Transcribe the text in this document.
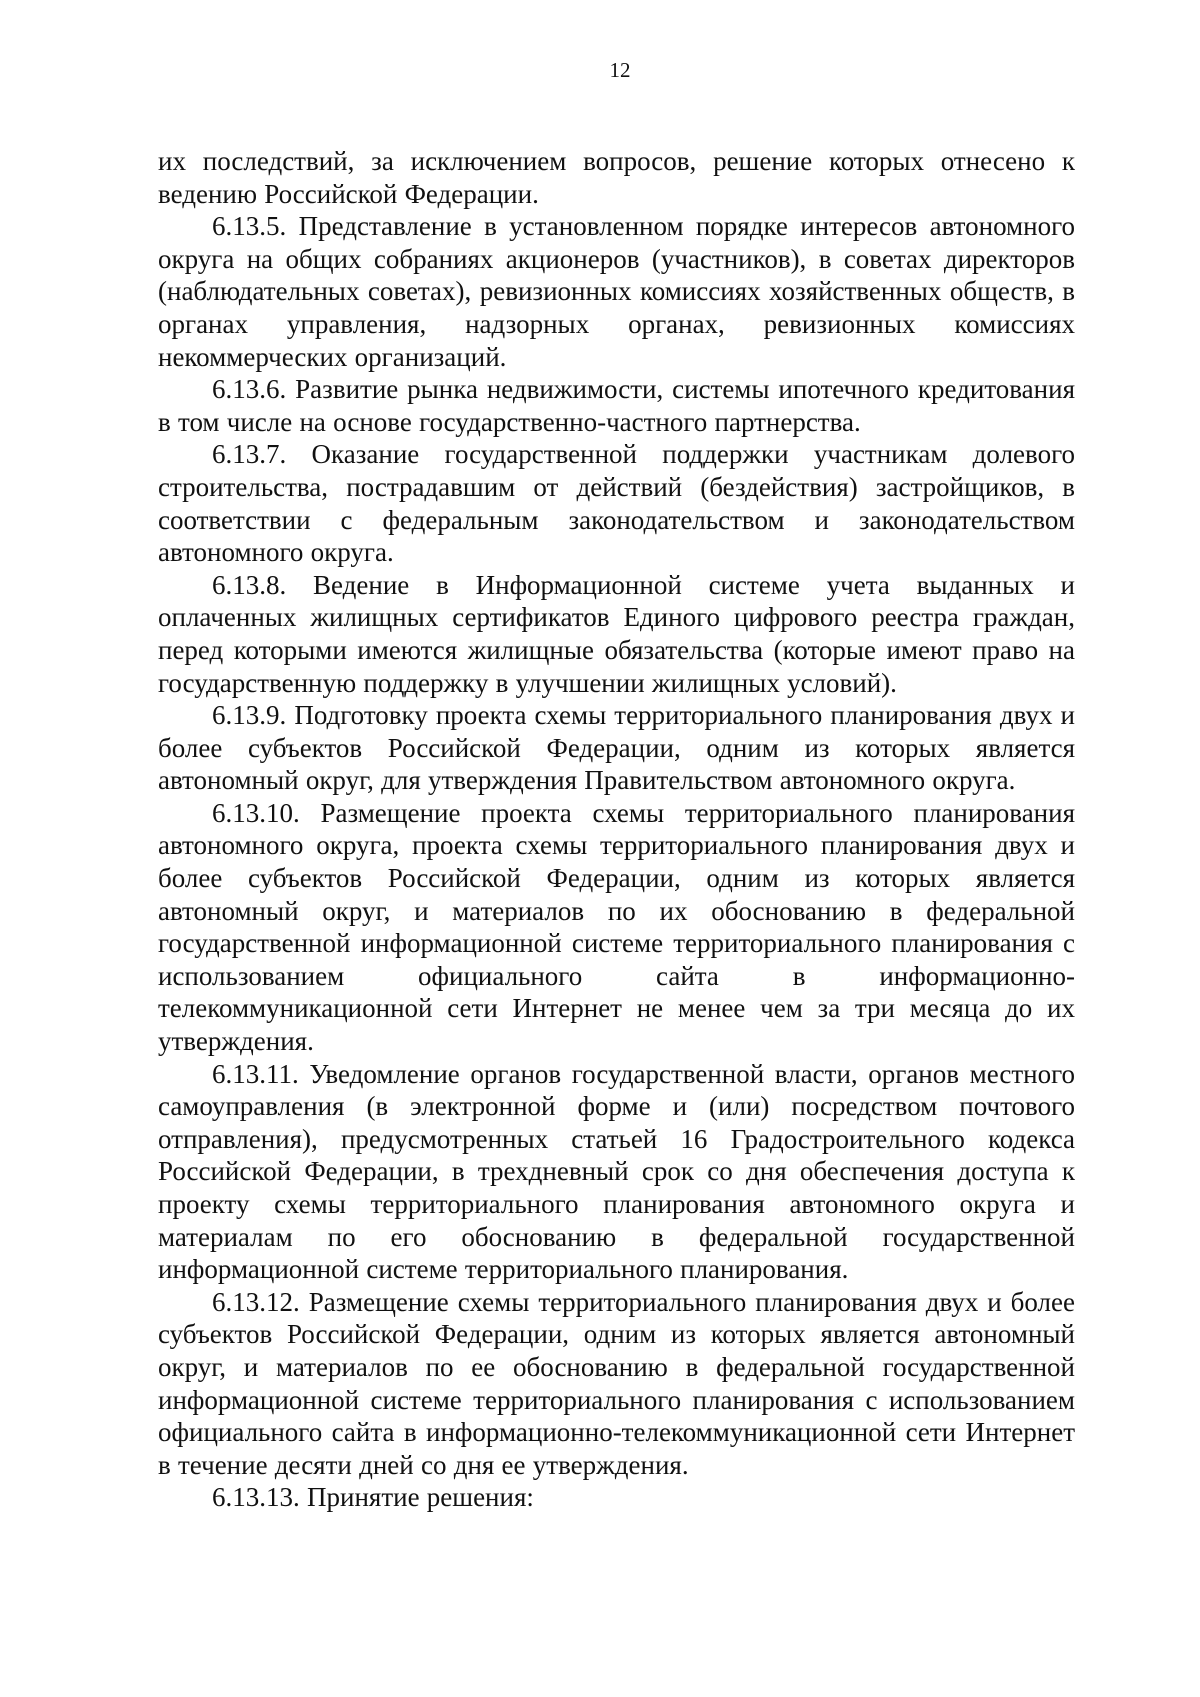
12

их последствий, за исключением вопросов, решение которых отнесено к ведению Российской Федерации.

6.13.5. Представление в установленном порядке интересов автономного округа на общих собраниях акционеров (участников), в советах директоров (наблюдательных советах), ревизионных комиссиях хозяйственных обществ, в органах управления, надзорных органах, ревизионных комиссиях некоммерческих организаций.

6.13.6. Развитие рынка недвижимости, системы ипотечного кредитования в том числе на основе государственно-частного партнерства.

6.13.7. Оказание государственной поддержки участникам долевого строительства, пострадавшим от действий (бездействия) застройщиков, в соответствии с федеральным законодательством и законодательством автономного округа.

6.13.8. Ведение в Информационной системе учета выданных и оплаченных жилищных сертификатов Единого цифрового реестра граждан, перед которыми имеются жилищные обязательства (которые имеют право на государственную поддержку в улучшении жилищных условий).

6.13.9. Подготовку проекта схемы территориального планирования двух и более субъектов Российской Федерации, одним из которых является автономный округ, для утверждения Правительством автономного округа.

6.13.10. Размещение проекта схемы территориального планирования автономного округа, проекта схемы территориального планирования двух и более субъектов Российской Федерации, одним из которых является автономный округ, и материалов по их обоснованию в федеральной государственной информационной системе территориального планирования с использованием официального сайта в информационно-телекоммуникационной сети Интернет не менее чем за три месяца до их утверждения.

6.13.11. Уведомление органов государственной власти, органов местного самоуправления (в электронной форме и (или) посредством почтового отправления), предусмотренных статьей 16 Градостроительного кодекса Российской Федерации, в трехдневный срок со дня обеспечения доступа к проекту схемы территориального планирования автономного округа и материалам по его обоснованию в федеральной государственной информационной системе территориального планирования.

6.13.12. Размещение схемы территориального планирования двух и более субъектов Российской Федерации, одним из которых является автономный округ, и материалов по ее обоснованию в федеральной государственной информационной системе территориального планирования с использованием официального сайта в информационно-телекоммуникационной сети Интернет в течение десяти дней со дня ее утверждения.

6.13.13. Принятие решения:
